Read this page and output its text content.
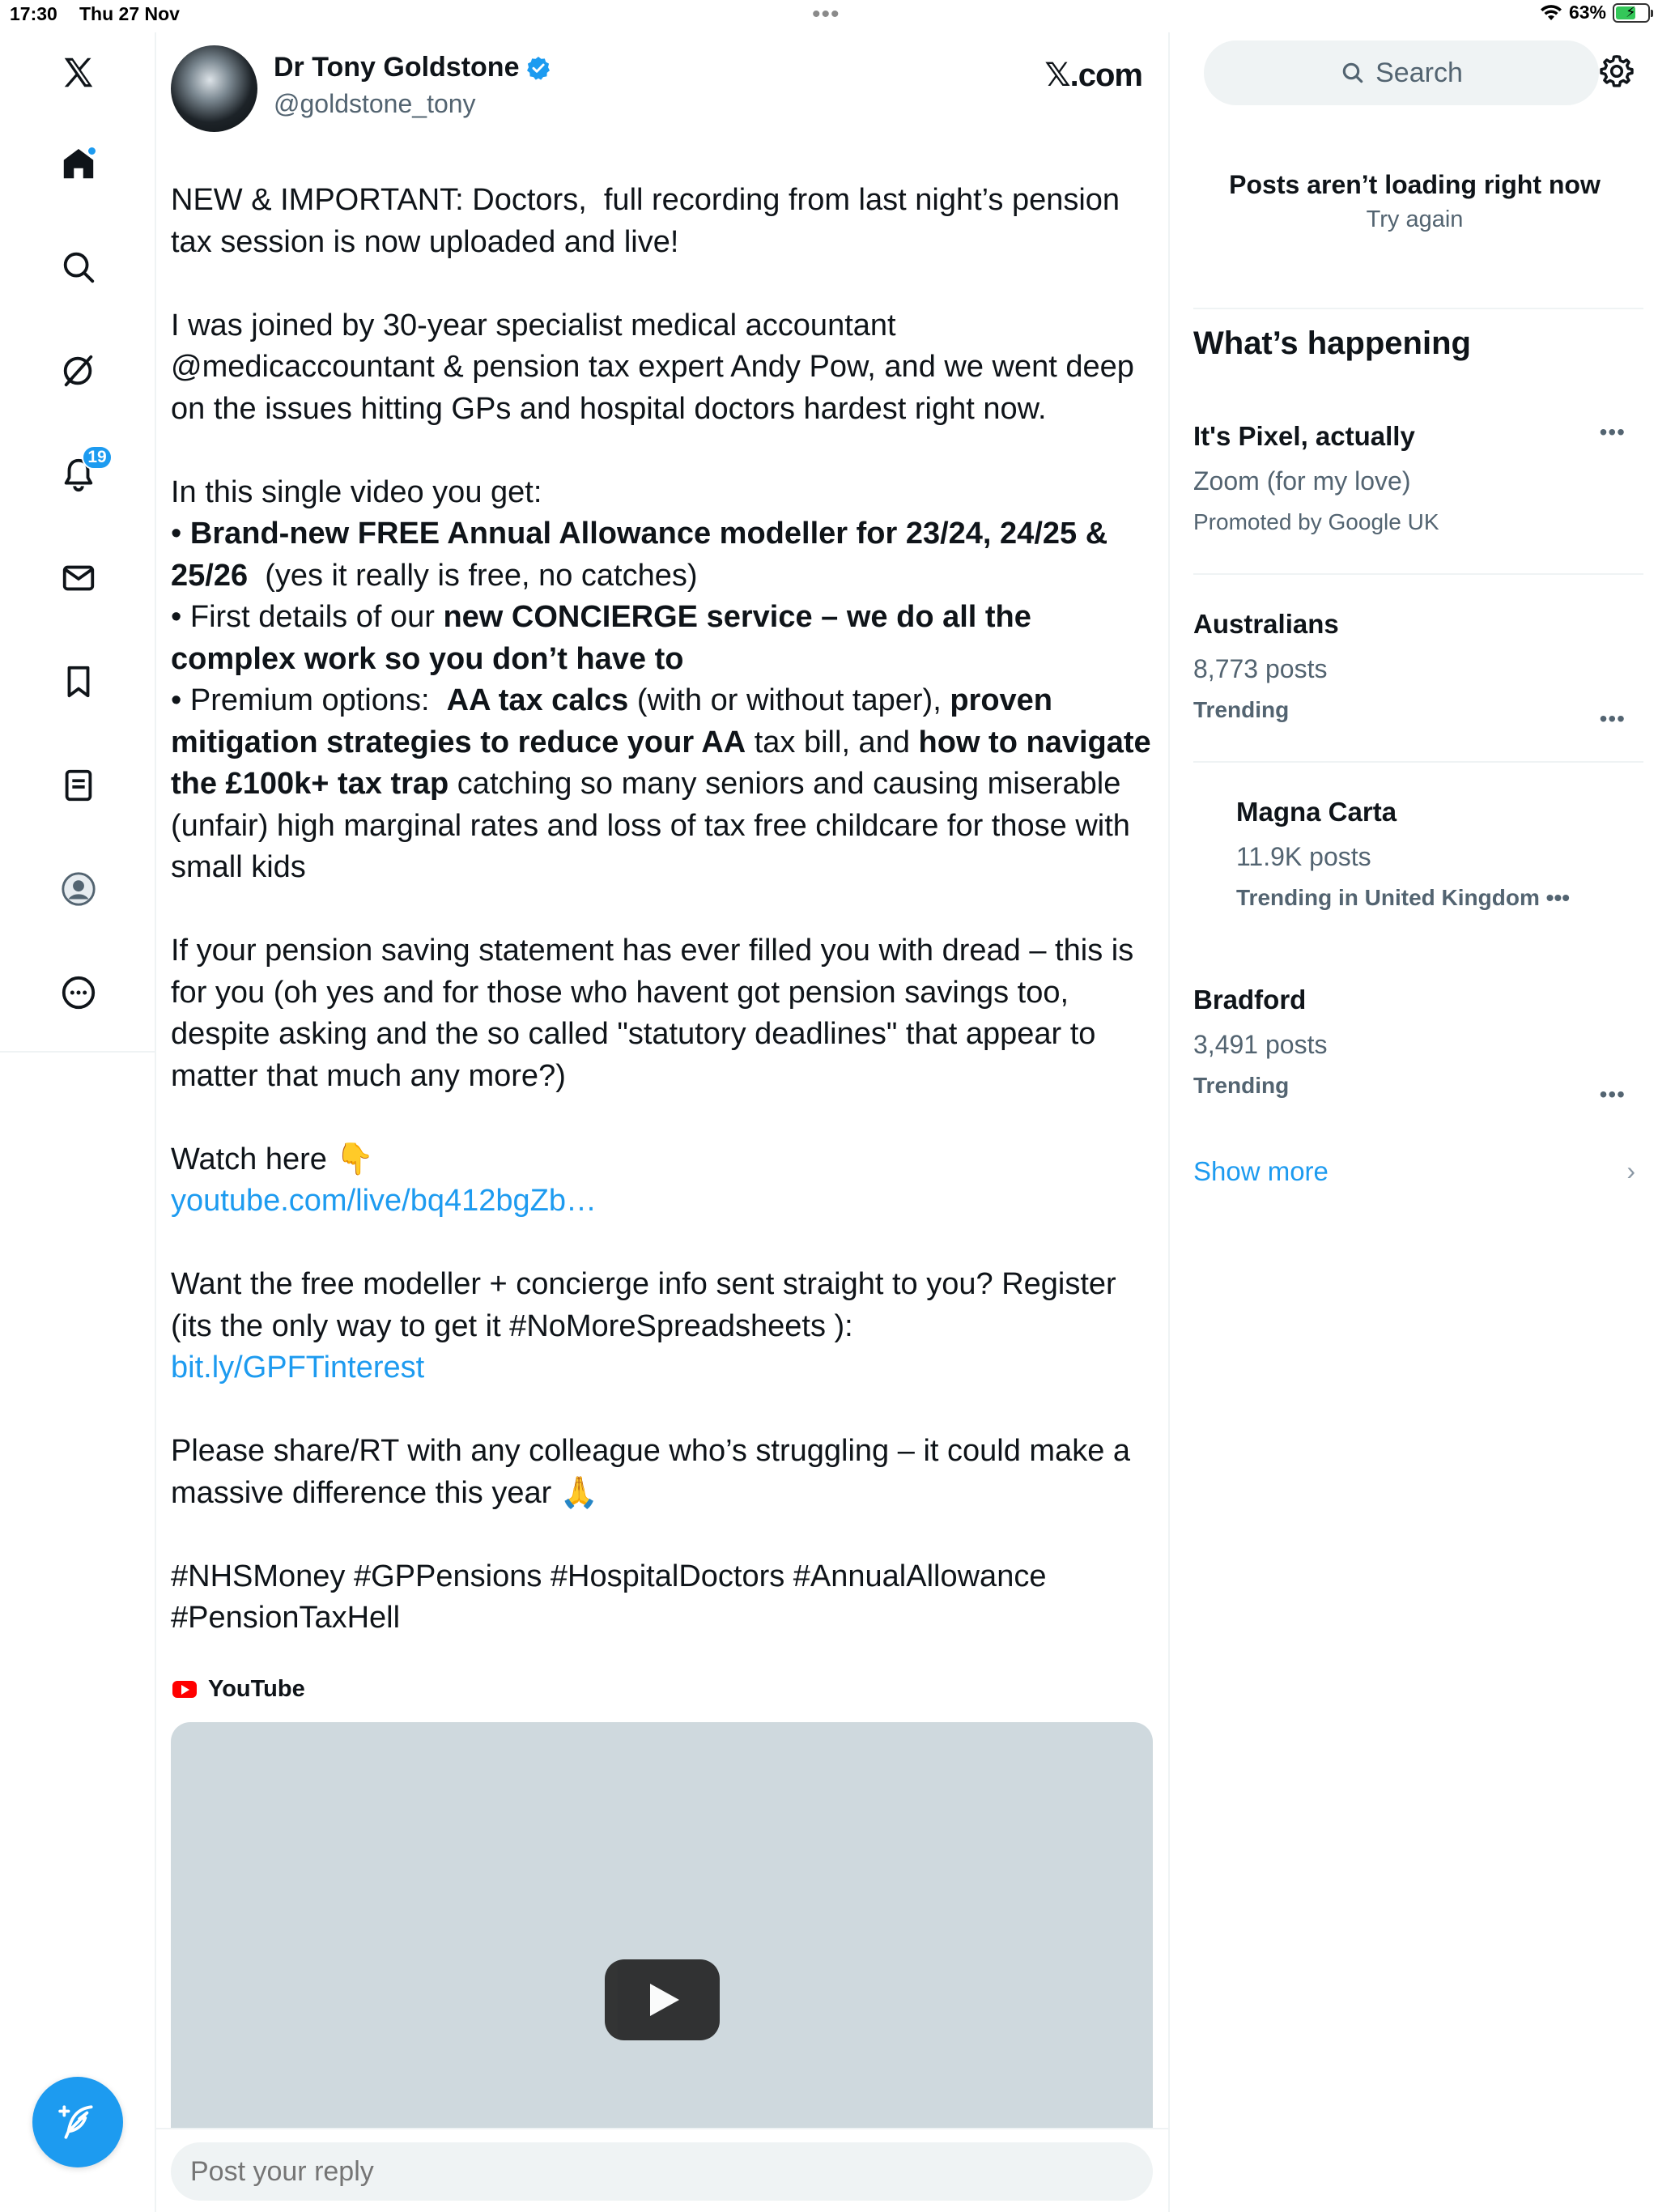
17:30 Thu 27 Nov	•••	63% ⚡
19
Dr Tony Goldstone
@goldstone_tony
𝕏.com
NEW & IMPORTANT: Doctors,  full recording from last night’s pension tax session is now uploaded and live!

I was joined by 30-year specialist medical accountant @medicaccountant & pension tax expert Andy Pow, and we went deep on the issues hitting GPs and hospital doctors hardest right now.

In this single video you get:
• Brand-new FREE Annual Allowance modeller for 23/24, 24/25 & 25/26  (yes it really is free, no catches)
• First details of our new CONCIERGE service – we do all the complex work so you don’t have to
• Premium options:  AA tax calcs (with or without taper), proven mitigation strategies to reduce your AA tax bill, and how to navigate the £100k+ tax trap catching so many seniors and causing miserable (unfair) high marginal rates and loss of tax free childcare for those with small kids

If your pension saving statement has ever filled you with dread – this is for you (oh yes and for those who havent got pension savings too, despite asking and the so called "statutory deadlines" that appear to matter that much any more?)

Watch here 👇
youtube.com/live/bq412bgZb…

Want the free modeller + concierge info sent straight to you? Register (its the only way to get it #NoMoreSpreadsheets ):
bit.ly/GPFTinterest

Please share/RT with any colleague who’s struggling – it could make a massive difference this year 🙏

#NHSMoney #GPPensions #HospitalDoctors #AnnualAllowance #PensionTaxHell
YouTube
Post your reply
Search
Posts aren’t loading right now
Try again
What’s happening
It's Pixel, actually
Zoom (for my love)
Promoted by Google UK
•••
Australians
8,773 posts
Trending	•••
Magna Carta
11.9K posts
Trending in United Kingdom •••
Bradford
3,491 posts
Trending	•••
Show more	›
